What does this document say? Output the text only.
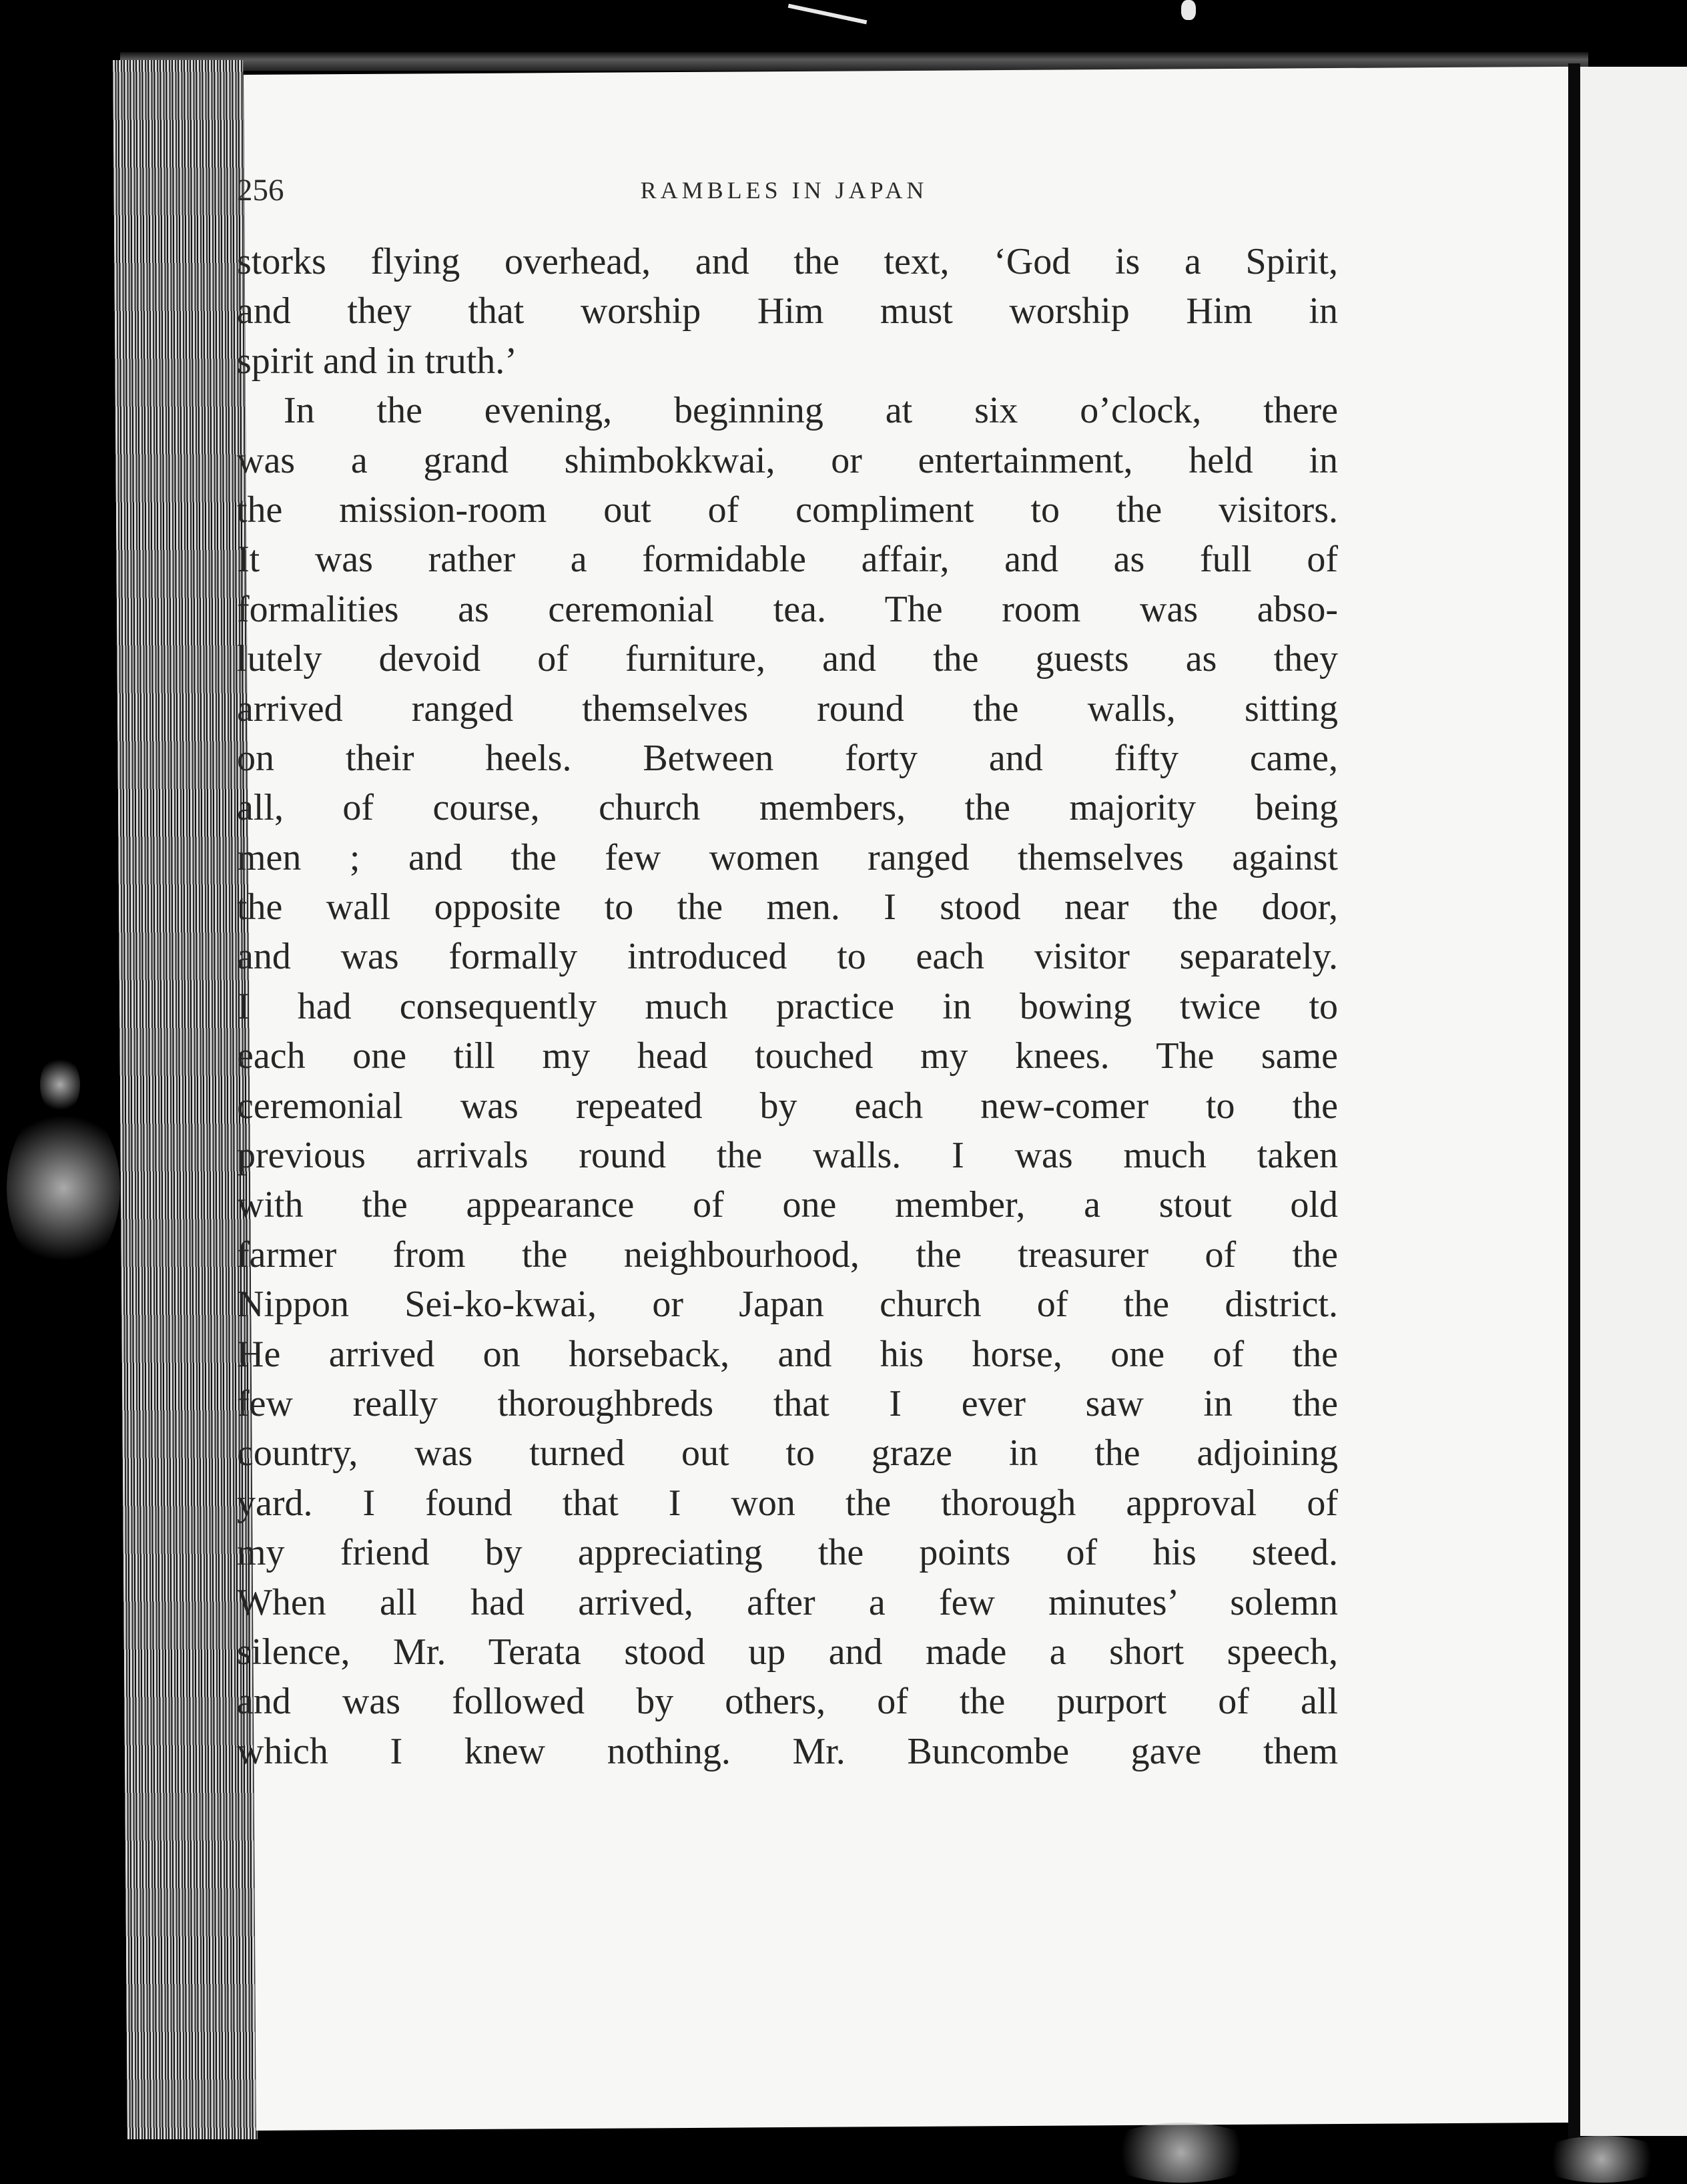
256	RAMBLES IN JAPAN
storks flying overhead, and the text, ‘God is a Spirit,
and they that worship Him must worship Him in
spirit and in truth.’
In the evening, beginning at six o’clock, there
was a grand shimbokkwai, or entertainment, held in
the mission-room out of compliment to the visitors.
It was rather a formidable affair, and as full of
formalities as ceremonial tea. The room was abso-
lutely devoid of furniture, and the guests as they
arrived ranged themselves round the walls, sitting
on their heels. Between forty and fifty came,
all, of course, church members, the majority being
men ; and the few women ranged themselves against
the wall opposite to the men. I stood near the door,
and was formally introduced to each visitor separately.
I had consequently much practice in bowing twice to
each one till my head touched my knees. The same
ceremonial was repeated by each new-comer to the
previous arrivals round the walls. I was much taken
with the appearance of one member, a stout old
farmer from the neighbourhood, the treasurer of the
Nippon Sei-ko-kwai, or Japan church of the district.
He arrived on horseback, and his horse, one of the
few really thoroughbreds that I ever saw in the
country, was turned out to graze in the adjoining
yard. I found that I won the thorough approval of
my friend by appreciating the points of his steed.
When all had arrived, after a few minutes’ solemn
silence, Mr. Terata stood up and made a short speech,
and was followed by others, of the purport of all
which I knew nothing. Mr. Buncombe gave them
